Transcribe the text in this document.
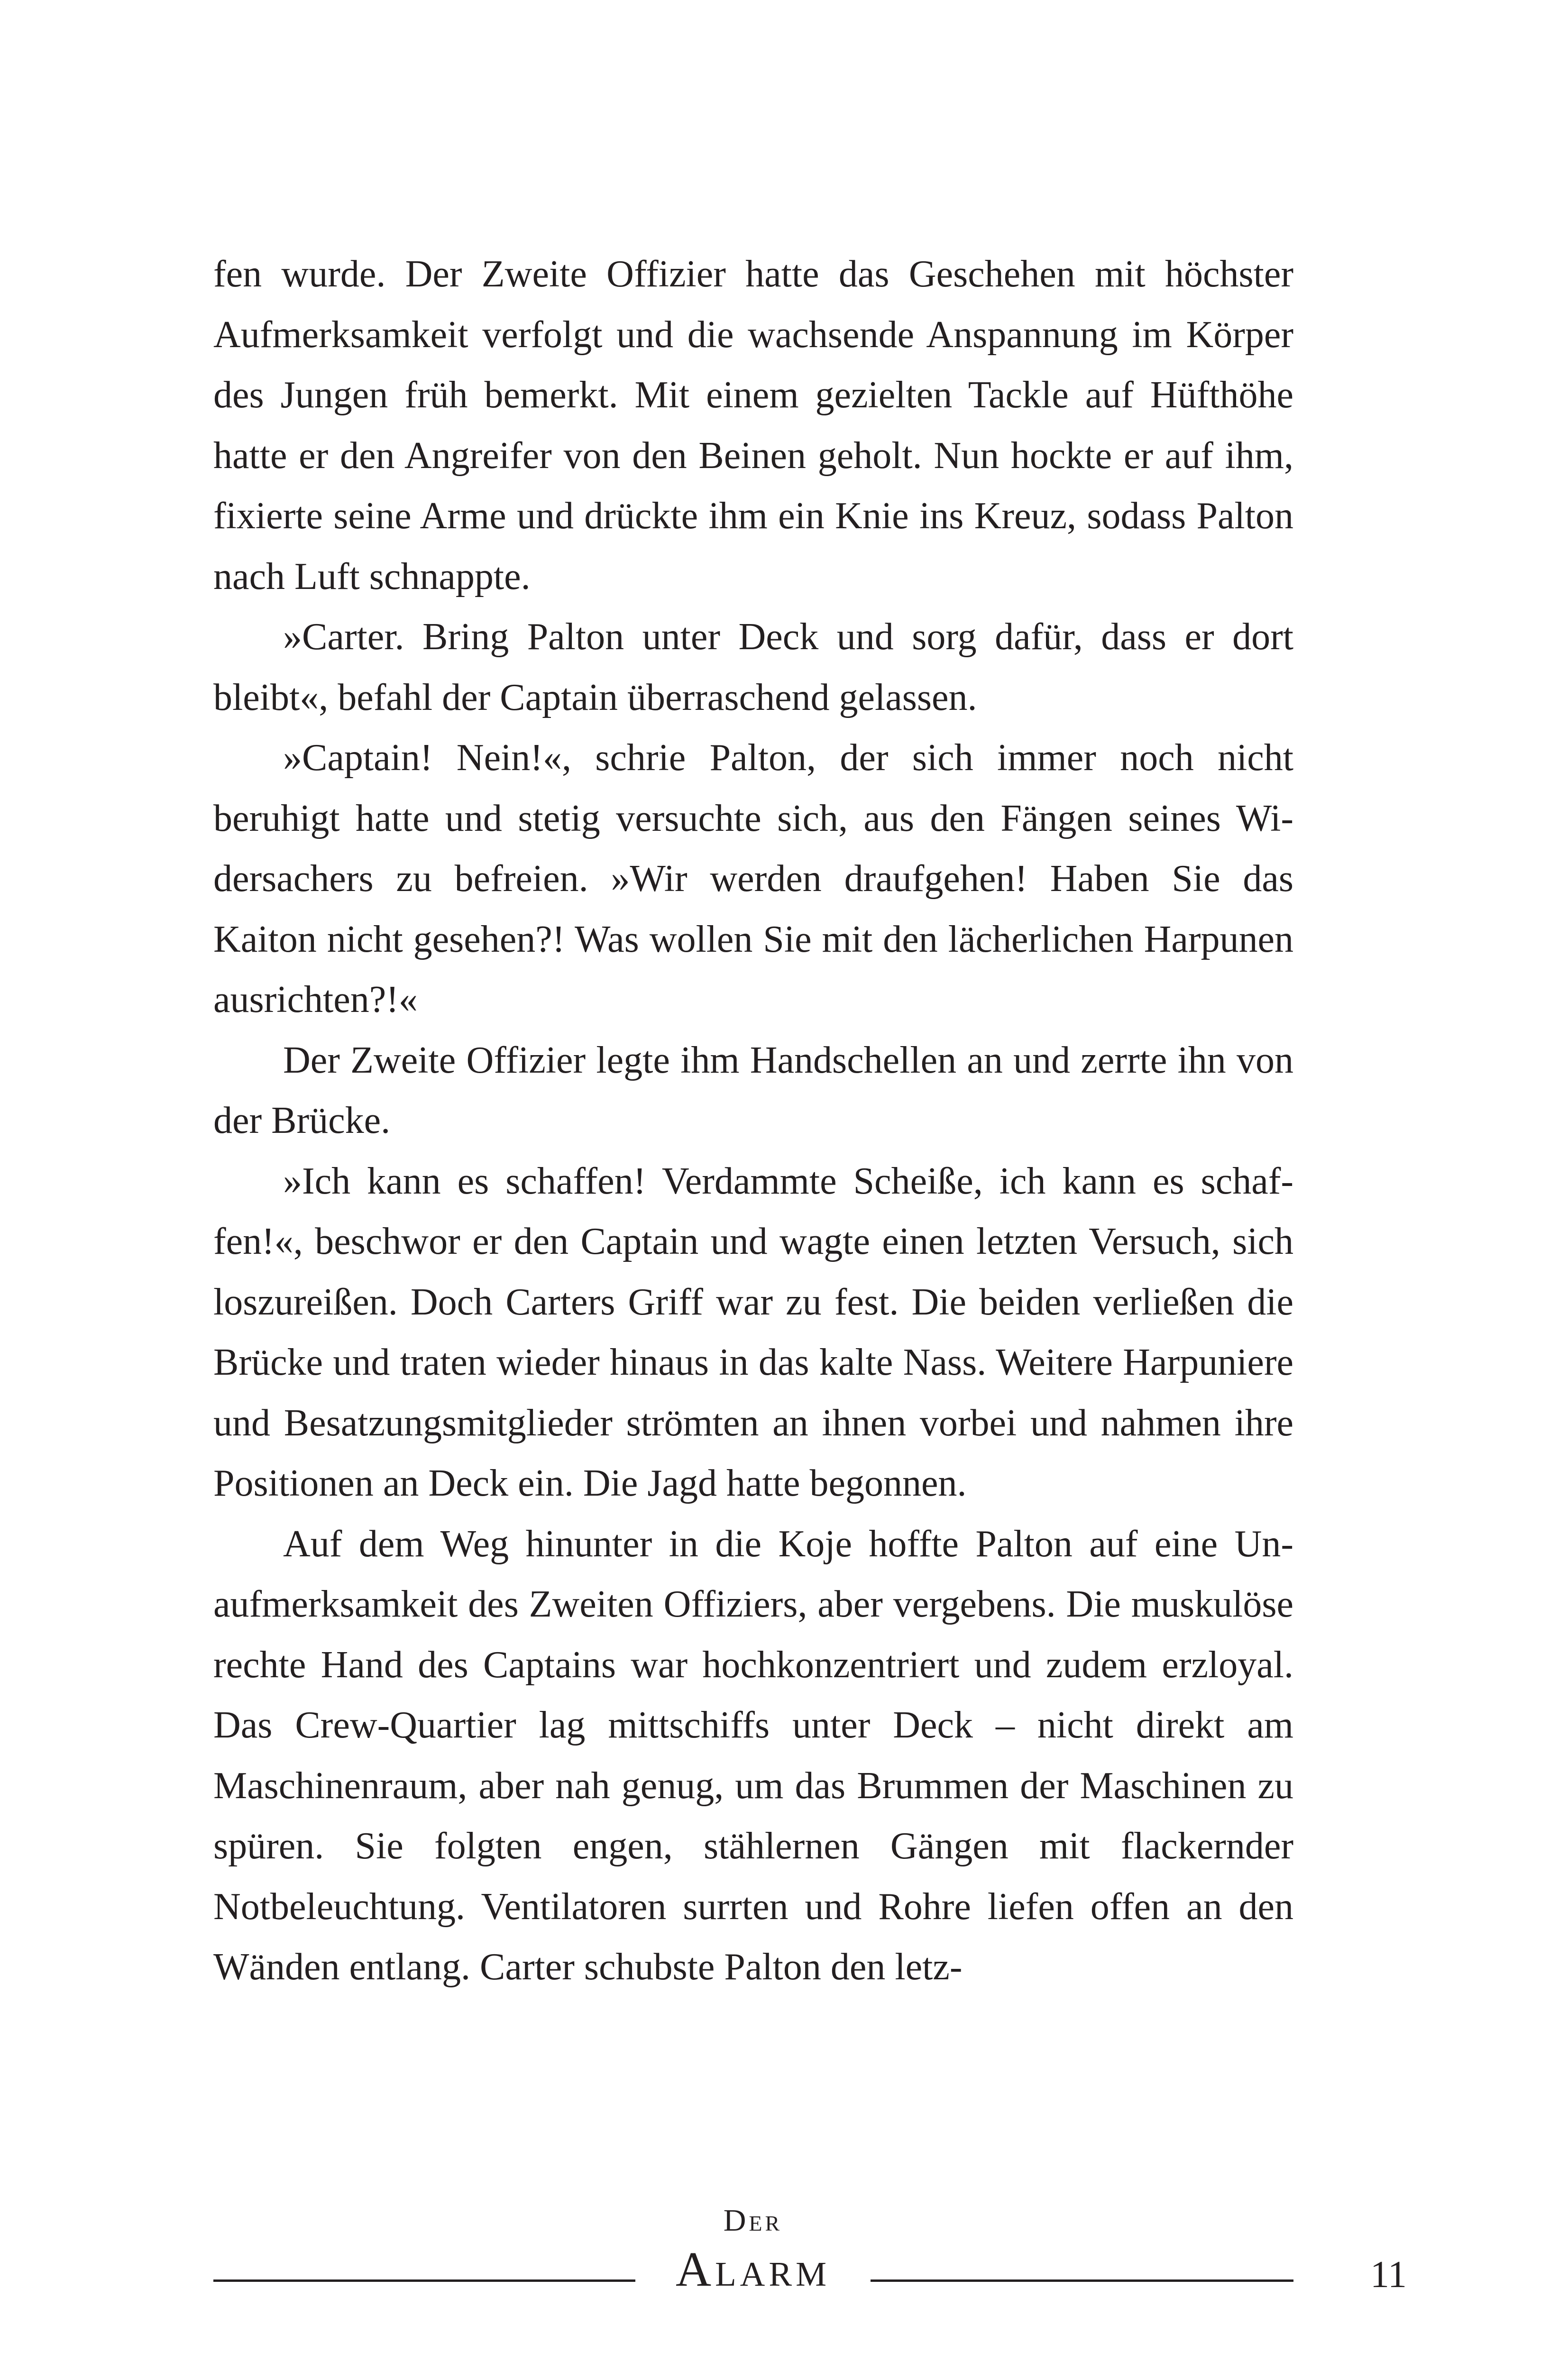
fen wurde. Der Zweite Offizier hatte das Geschehen mit höchster Aufmerksamkeit verfolgt und die wachsende Anspannung im Körper des Jungen früh bemerkt. Mit einem gezielten Tackle auf Hüfthöhe hatte er den Angreifer von den Beinen geholt. Nun hockte er auf ihm, fixierte seine Arme und drückte ihm ein Knie ins Kreuz, sodass Palton nach Luft schnappte.

»Carter. Bring Palton unter Deck und sorg dafür, dass er dort bleibt«, befahl der Captain überraschend gelassen.

»Captain! Nein!«, schrie Palton, der sich immer noch nicht beruhigt hatte und stetig versuchte sich, aus den Fängen seines Widersachers zu befreien. »Wir werden draufgehen! Haben Sie das Kaiton nicht gesehen?! Was wollen Sie mit den lächerlichen Harpunen ausrichten?!«

Der Zweite Offizier legte ihm Handschellen an und zerrte ihn von der Brücke.

»Ich kann es schaffen! Verdammte Scheiße, ich kann es schaffen!«, beschwor er den Captain und wagte einen letzten Versuch, sich loszureißen. Doch Carters Griff war zu fest. Die beiden verließen die Brücke und traten wieder hinaus in das kalte Nass. Weitere Harpuniere und Besatzungsmitglieder strömten an ihnen vorbei und nahmen ihre Positionen an Deck ein. Die Jagd hatte begonnen.

Auf dem Weg hinunter in die Koje hoffte Palton auf eine Unaufmerksamkeit des Zweiten Offiziers, aber vergebens. Die muskulöse rechte Hand des Captains war hochkonzentriert und zudem erzloyal. Das Crew-Quartier lag mittschiffs unter Deck – nicht direkt am Maschinenraum, aber nah genug, um das Brummen der Maschinen zu spüren. Sie folgten engen, stählernen Gängen mit flackernder Notbeleuchtung. Ventilatoren surrten und Rohre liefen offen an den Wänden entlang. Carter schubste Palton den letz-

Der
Alarm	11
